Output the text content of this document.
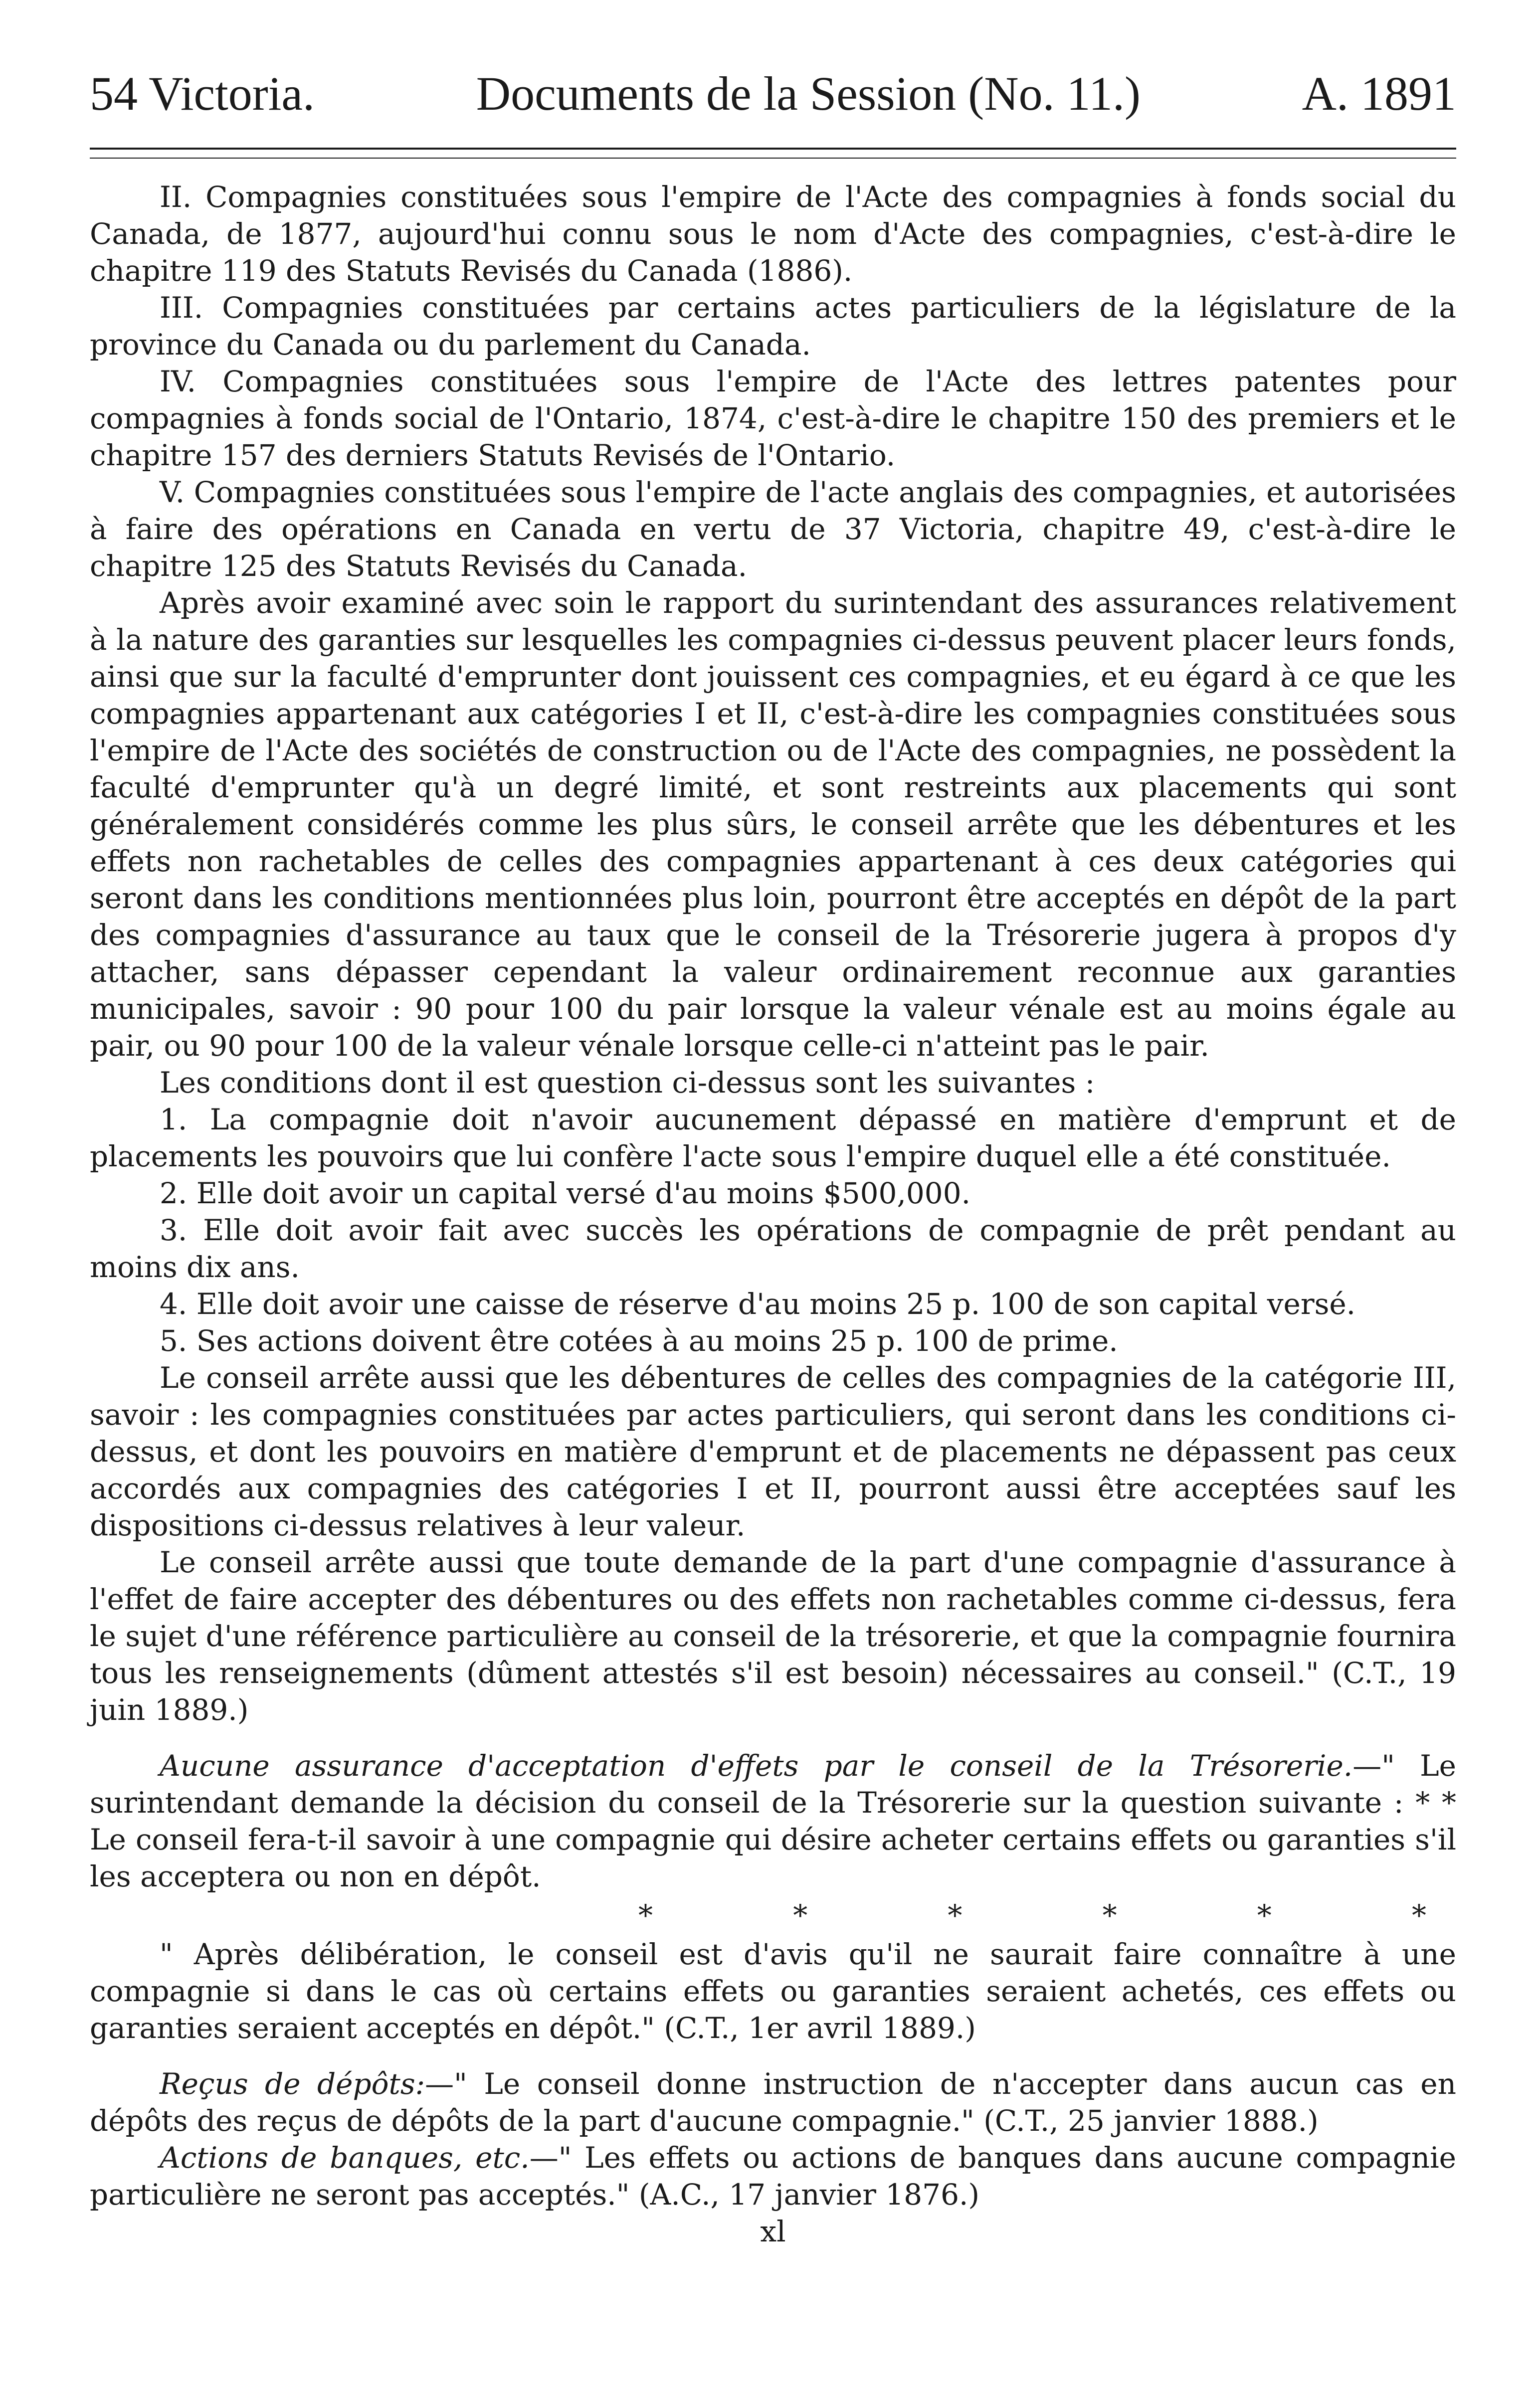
54 Victoria.	Documents de la Session (No. 11.)	A. 1891

II. Compagnies constituées sous l'empire de l'Acte des compagnies à fonds social du Canada, de 1877, aujourd'hui connu sous le nom d'Acte des compagnies, c'est-à-dire le chapitre 119 des Statuts Revisés du Canada (1886).

III. Compagnies constituées par certains actes particuliers de la législature de la province du Canada ou du parlement du Canada.

IV. Compagnies constituées sous l'empire de l'Acte des lettres patentes pour compagnies à fonds social de l'Ontario, 1874, c'est-à-dire le chapitre 150 des premiers et le chapitre 157 des derniers Statuts Revisés de l'Ontario.

V. Compagnies constituées sous l'empire de l'acte anglais des compagnies, et autorisées à faire des opérations en Canada en vertu de 37 Victoria, chapitre 49, c'est-à-dire le chapitre 125 des Statuts Revisés du Canada.

Après avoir examiné avec soin le rapport du surintendant des assurances relativement à la nature des garanties sur lesquelles les compagnies ci-dessus peuvent placer leurs fonds, ainsi que sur la faculté d'emprunter dont jouissent ces compagnies, et eu égard à ce que les compagnies appartenant aux catégories I et II, c'est-à-dire les compagnies constituées sous l'empire de l'Acte des sociétés de construction ou de l'Acte des compagnies, ne possèdent la faculté d'emprunter qu'à un degré limité, et sont restreints aux placements qui sont généralement considérés comme les plus sûrs, le conseil arrête que les débentures et les effets non rachetables de celles des compagnies appartenant à ces deux catégories qui seront dans les conditions mentionnées plus loin, pourront être acceptés en dépôt de la part des compagnies d'assurance au taux que le conseil de la Trésorerie jugera à propos d'y attacher, sans dépasser cependant la valeur ordinairement reconnue aux garanties municipales, savoir : 90 pour 100 du pair lorsque la valeur vénale est au moins égale au pair, ou 90 pour 100 de la valeur vénale lorsque celle-ci n'atteint pas le pair.

Les conditions dont il est question ci-dessus sont les suivantes :

1. La compagnie doit n'avoir aucunement dépassé en matière d'emprunt et de placements les pouvoirs que lui confère l'acte sous l'empire duquel elle a été constituée.

2. Elle doit avoir un capital versé d'au moins $500,000.

3. Elle doit avoir fait avec succès les opérations de compagnie de prêt pendant au moins dix ans.

4. Elle doit avoir une caisse de réserve d'au moins 25 p. 100 de son capital versé.

5. Ses actions doivent être cotées à au moins 25 p. 100 de prime.

Le conseil arrête aussi que les débentures de celles des compagnies de la catégorie III, savoir : les compagnies constituées par actes particuliers, qui seront dans les conditions ci-dessus, et dont les pouvoirs en matière d'emprunt et de placements ne dépassent pas ceux accordés aux compagnies des catégories I et II, pourront aussi être acceptées sauf les dispositions ci-dessus relatives à leur valeur.

Le conseil arrête aussi que toute demande de la part d'une compagnie d'assurance à l'effet de faire accepter des débentures ou des effets non rachetables comme ci-dessus, fera le sujet d'une référence particulière au conseil de la trésorerie, et que la compagnie fournira tous les renseignements (dûment attestés s'il est besoin) nécessaires au conseil." (C.T., 19 juin 1889.)

Aucune assurance d'acceptation d'effets par le conseil de la Trésorerie.—" Le surintendant demande la décision du conseil de la Trésorerie sur la question suivante : * * Le conseil fera-t-il savoir à une compagnie qui désire acheter certains effets ou garanties s'il les acceptera ou non en dépôt.

*	*	*	*	*	*

" Après délibération, le conseil est d'avis qu'il ne saurait faire connaître à une compagnie si dans le cas où certains effets ou garanties seraient achetés, ces effets ou garanties seraient acceptés en dépôt." (C.T., 1er avril 1889.)

Reçus de dépôts:—" Le conseil donne instruction de n'accepter dans aucun cas en dépôts des reçus de dépôts de la part d'aucune compagnie." (C.T., 25 janvier 1888.)

Actions de banques, etc.—" Les effets ou actions de banques dans aucune compagnie particulière ne seront pas acceptés." (A.C., 17 janvier 1876.)

xl
